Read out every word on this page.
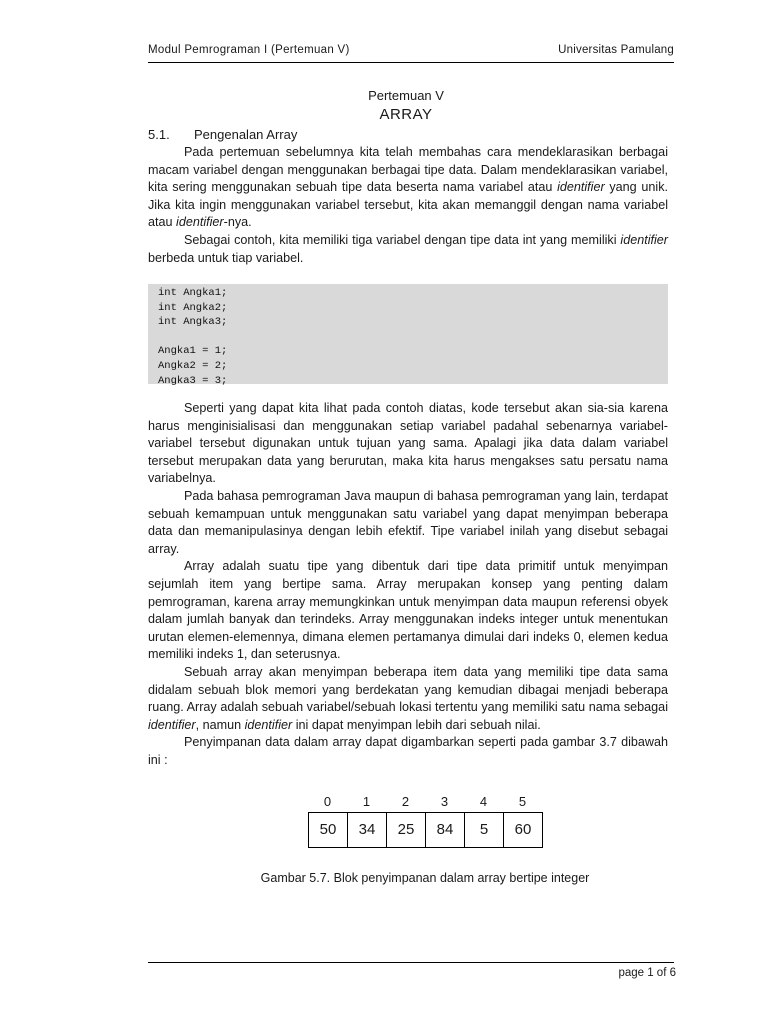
Modul Pemrograman I (Pertemuan V)	Universitas Pamulang
Pertemuan V
ARRAY
5.1. Pengenalan Array

Pada pertemuan sebelumnya kita telah membahas cara mendeklarasikan berbagai macam variabel dengan menggunakan berbagai tipe data. Dalam mendeklarasikan variabel, kita sering menggunakan sebuah tipe data beserta nama variabel atau identifier yang unik. Jika kita ingin menggunakan variabel tersebut, kita akan memanggil dengan nama variabel atau identifier-nya.

Sebagai contoh, kita memiliki tiga variabel dengan tipe data int yang memiliki identifier berbeda untuk tiap variabel.

int Angka1;
int Angka2;
int Angka3;

Angka1 = 1;
Angka2 = 2;
Angka3 = 3;

Seperti yang dapat kita lihat pada contoh diatas, kode tersebut akan sia-sia karena harus menginisialisasi dan menggunakan setiap variabel padahal sebenarnya variabel-variabel tersebut digunakan untuk tujuan yang sama. Apalagi jika data dalam variabel tersebut merupakan data yang berurutan, maka kita harus mengakses satu persatu nama variabelnya.

Pada bahasa pemrograman Java maupun di bahasa pemrograman yang lain, terdapat sebuah kemampuan untuk menggunakan satu variabel yang dapat menyimpan beberapa data dan memanipulasinya dengan lebih efektif. Tipe variabel inilah yang disebut sebagai array.

Array adalah suatu tipe yang dibentuk dari tipe data primitif untuk menyimpan sejumlah item yang bertipe sama. Array merupakan konsep yang penting dalam pemrograman, karena array memungkinkan untuk menyimpan data maupun referensi obyek dalam jumlah banyak dan terindeks. Array menggunakan indeks integer untuk menentukan urutan elemen-elemennya, dimana elemen pertamanya dimulai dari indeks 0, elemen kedua memiliki indeks 1, dan seterusnya.

Sebuah array akan menyimpan beberapa item data yang memiliki tipe data sama didalam sebuah blok memori yang berdekatan yang kemudian dibagai menjadi beberapa ruang. Array adalah sebuah variabel/sebuah lokasi tertentu yang memiliki satu nama sebagai identifier, namun identifier ini dapat menyimpan lebih dari sebuah nilai.

Penyimpanan data dalam array dapat digambarkan seperti pada gambar 3.7 dibawah ini :

0	1	2	3	4	5
50	34	25	84	5	60
Gambar 5.7. Blok penyimpanan dalam array bertipe integer
page 1 of 6
